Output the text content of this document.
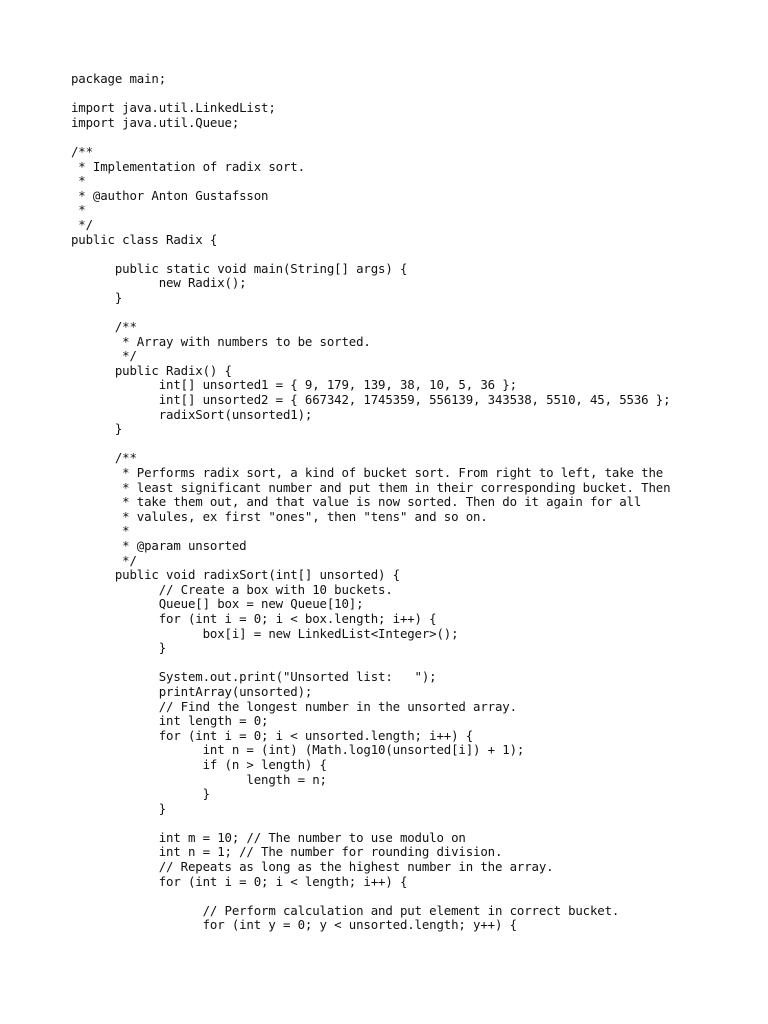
package main;
import java.util.LinkedList;
import java.util.Queue;
/**
* Implementation of radix sort.
*
* @author Anton Gustafsson
*
*/
public class Radix {
public static void main(String[] args) {
new Radix();
}
/**
* Array with numbers to be sorted.
*/
public Radix() {
int[] unsorted1 = { 9, 179, 139, 38, 10, 5, 36 };
int[] unsorted2 = { 667342, 1745359, 556139, 343538, 5510, 45, 5536 };
radixSort(unsorted1);
}
/**
* Performs radix sort, a kind of bucket sort. From right to left, take the
* least significant number and put them in their corresponding bucket. Then
* take them out, and that value is now sorted. Then do it again for all
* valules, ex first "ones", then "tens" and so on.
*
* @param unsorted
*/
public void radixSort(int[] unsorted) {
// Create a box with 10 buckets.
Queue[] box = new Queue[10];
for (int i = 0; i < box.length; i++) {
box[i] = new LinkedList<Integer>();
}
System.out.print("Unsorted list:   ");
printArray(unsorted);
// Find the longest number in the unsorted array.
int length = 0;
for (int i = 0; i < unsorted.length; i++) {
int n = (int) (Math.log10(unsorted[i]) + 1);
if (n > length) {
length = n;
}
}
int m = 10; // The number to use modulo on
int n = 1; // The number for rounding division.
// Repeats as long as the highest number in the array.
for (int i = 0; i < length; i++) {
// Perform calculation and put element in correct bucket.
for (int y = 0; y < unsorted.length; y++) {
